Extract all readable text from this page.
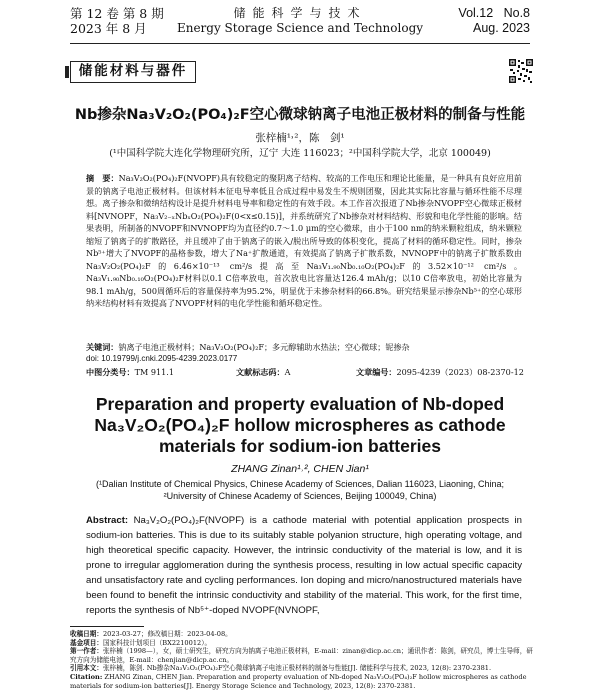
第 12 卷 第 8 期
2023 年 8 月
储能科学与技术
Energy Storage Science and Technology
Vol.12   No.8
Aug. 2023
储能材料与器件
Nb掺杂Na₃V₂O₂(PO₄)₂F空心微球钠离子电池正极材料的制备与性能
张梓楠¹˒²，陈　剑¹
(¹中国科学院大连化学物理研究所，辽宁 大连 116023；²中国科学院大学，北京 100049)
摘　要：Na₃V₂O₂(PO₄)₂F(NVOPF)具有较稳定的聚阴离子结构、较高的工作电压和理论比能量，是一种具有良好应用前景的钠离子电池正极材料。但该材料本征电导率低且合成过程中易发生不规则团聚，因此其实际比容量与循环性能不尽理想。离子掺杂和微纳结构设计是提升材料电导率和稳定性的有效手段。本工作首次报道了Nb掺杂NVOPF空心微球正极材料[NVNOPF，Na₃V₂₋ₓNbₓO₂(PO₄)₂F(0<x≤0.15)]，并系统研究了Nb掺杂对材料结构、形貌和电化学性能的影响。结果表明，所制备的NVOPF和NVNOPF均为直径约0.7～1.0 μm的空心微球，由小于100 nm的纳米颗粒组成，纳米颗粒缩短了钠离子的扩散路径，并且缓冲了由于钠离子的嵌入/脱出所导致的体积变化，提高了材料的循环稳定性。同时，掺杂Nb⁵⁺增大了NVOPF的晶格参数，增大了Na⁺扩散通道，有效提高了钠离子扩散系数，NVNOPF中的钠离子扩散系数由Na₃V₂O₂(PO₄)₂F的6.46×10⁻¹³ cm²/s提高至Na₃V₁.₉₀Nb₀.₁₀O₂(PO₄)₂F的3.52×10⁻¹² cm²/s。Na₃V₁.₉₀Nb₀.₁₀O₂(PO₄)₂F材料以0.1 C倍率放电，首次放电比容量达126.4 mAh/g；以10 C倍率放电，初始比容量为98.1 mAh/g，500周循环后的容量保持率为95.2%，明显优于未掺杂材料的66.8%。研究结果显示掺杂Nb⁵⁺的空心球形纳米结构材料有效提高了NVOPF材料的电化学性能和循环稳定性。
关键词：钠离子电池正极材料；Na₃V₂O₂(PO₄)₂F；多元醇辅助水热法；空心微球；铌掺杂
doi: 10.19799/j.cnki.2095-4239.2023.0177
中图分类号：TM 911.1	文献标志码：A	文章编号：2095-4239（2023）08-2370-12
Preparation and property evaluation of Nb-doped
Na₃V₂O₂(PO₄)₂F hollow microspheres as cathode
materials for sodium-ion batteries
ZHANG Zinan¹˒², CHEN Jian¹
(¹Dalian Institute of Chemical Physics, Chinese Academy of Sciences, Dalian 116023, Liaoning, China;
²University of Chinese Academy of Sciences, Beijing 100049, China)
Abstract: Na₃V₂O₂(PO₄)₂F(NVOPF) is a cathode material with potential application prospects in sodium-ion batteries. This is due to its suitably stable polyanion structure, high operating voltage, and high theoretical specific capacity. However, the intrinsic conductivity of the material is low, and it is prone to irregular agglomeration during the synthesis process, resulting in low actual specific capacity and unsatisfactory rate and cycling performances. Ion doping and micro/nanostructured materials have been found to benefit the intrinsic conductivity and stability of the material. This work, for the first time, reports the synthesis of Nb⁵⁺-doped NVOPF(NVNOPF,
收稿日期：2023-03-27；修改稿日期：2023-04-08。
基金项目：国家科技计划项目（BX2210012）。
第一作者：张梓楠（1998—），女，硕士研究生，研究方向为钠离子电池正极材料，E-mail：zinan@dicp.ac.cn；通讯作者：陈剑，研究员，博士生导师，研究方向为储能电池，E-mail：chenjian@dicp.ac.cn。
引用本文：张梓楠，陈剑. Nb掺杂Na₃V₂O₂(PO₄)₂F空心微球钠离子电池正极材料的制备与性能[J]. 储能科学与技术, 2023, 12(8): 2370-2381.
Citation: ZHANG Zinan, CHEN Jian. Preparation and property evaluation of Nb-doped Na₃V₂O₂(PO₄)₂F hollow microspheres as cathode materials for sodium-ion batteries[J]. Energy Storage Science and Technology, 2023, 12(8): 2370-2381.
